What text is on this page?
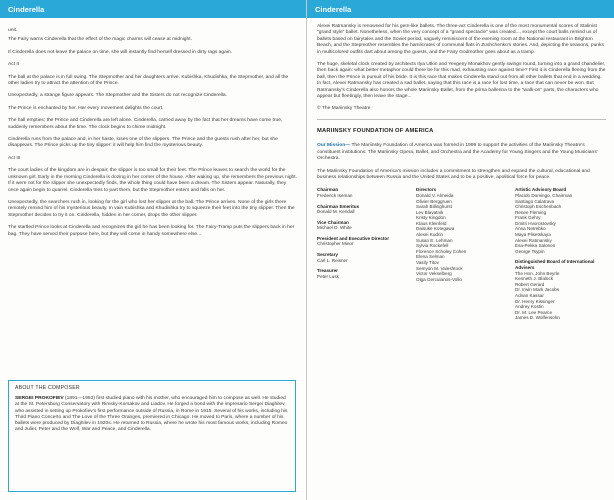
Cinderella

unit.

The Fairy warns Cinderella that the effect of the magic charms will cease at midnight.

If Cinderella does not leave the palace on time, she will instantly find herself dressed in dirty rags again.

Act II

The ball at the palace is in full swing. The Stepmother and her daughters arrive. Kubishka, Khudishka, the Stepmother, and all the other ladies try to attract the attention of the Prince.

Unexpectedly, a strange figure appears. The Stepmother and the Sisters do not recognize Cinderella.

The Prince is enchanted by her. Her every movement delights the court.

The hall empties; the Prince and Cinderella are left alone. Cinderella, carried away by the fact that her dreams have come true, suddenly remembers about the time. The clock begins to chime midnight.

Cinderella runs from the palace and, in her haste, loses one of the slippers. The Prince and the guests rush after her, but she disappears. The Prince picks up the tiny slipper: it will help him find the mysterious beauty.

Act III

The court ladies of the kingdom are in despair; the slipper is too small for their feet. The Prince leaves to search the world for the unknown girl. Early in the morning Cinderella is dozing in her corner of the house. After waking up, she remembers the previous night. If it were not for the slipper she unexpectedly finds, the whole thing could have been a dream. The Sisters appear. Naturally, they once again begin to quarrel. Cinderella tries to part them, but the Stepmother enters and falls on her.

Unexpectedly, the searchers rush in, looking for the girl who lost her slipper at the ball. The Prince arrives. None of the girls there remotely remind him of his mysterious beauty. In vain Kubishka and Khudishka try to squeeze their feet into the tiny slipper. Then the Stepmother decides to try it on. Cinderella, hidden in her corner, drops the other slipper.

The startled Prince looks at Cinderella and recognizes the girl he has been looking for. The Fairy-Tramp puts the slippers back in her bag. They have served their purpose here, but they will come in handy somewhere else...

ABOUT THE COMPOSER

SERGEI PROKOFIEV (1891—1953) first studied piano with his mother, who encouraged him to compose as well. He studied at the St. Petersburg Conservatory with Rimsky-Korsakov and Liadov. He forged a bond with the impresario Sergei Diaghilev, who assisted in setting up Prokofiev's first performance outside of Russia, in Rome in 1915. Several of his works, including his Third Piano Concerto and The Love of the Three Oranges, premiered in Chicago. He moved to Paris, where a number of his ballets were produced by Diaghilev in 1920s. He returned to Russia, where he wrote his most famous works, including Romeo and Juliet, Peter and the Wolf, War and Peace, and Cinderella.

Cinderella

Alexei Ratmansky is renowned for his gem-like ballets. The three-act Cinderella is one of the most monumental scores of Stalinist "grand style" ballet. Nonetheless, when the very concept of a "grand spectacle" was created..., except the court balls remind us of ballets based on fairytales and the Soviet period, vaguely reminiscent of the evening room at the National restaurant in Brighton Beach, and the Stepmother resembles the hamlicrates of communal flats in Zoshchenko's stories. And, depicting the seasons, punks in multicolored outfits dart about among the guests, and the Fairy Godmother goes about as a tramp.

The huge, skeletal clock created by architects Ilya Utkin and Yevgeny Monakhov gently swings round, turning into a grand chandelier, then back again: what better metaphor could there be for this mad, exhausting race against time? First it is Cinderella fleeing from the ball, then the Prince in pursuit of his bride. It is this race that makes Cinderella stand out from all other ballets that end in a wedding. In fact, Alexei Ratmansky has created a sad ballet, saying that this race is a race for lost time, a race that can never be won. But Ratmansky's Cinderella also honors the whole Mariinsky Ballet, from the prima ballerina to the "walk-on" parts, the characters who appear but fleetingly, then leave the stage...

© The Mariinsky Theatre

MARIINSKY FOUNDATION OF AMERICA

Our Mission— The Mariinsky Foundation of America was formed in 1999 to support the activities of the Mariinsky Theatre's constituent institutions: The Mariinsky Opera, Ballet, and Orchestra and the Academy for Young Singers and the Young Musicians' Orchestra.

The Mariinsky Foundation of America's mission includes a commitment to strengthen and expand the cultural, educational and business relationships between Russia and the United States and to be a positive, apolitical force for peace.

Chairman
Frederick Iseman
Chairman Emeritus
Donald M. Kendall
Vice Chairman
Michael D. White
President and Executive Director
Christopher Minor
Secretary
Carl L. Reisner
Treasurer
Peter Lusk
Directors
Donald V. Almeida
Olivier Berggruen
Sarah Billinghurst
Lev Blavatnik
Kristy Kingdon
Klaus Kleinfeld
Daisuke Kotegawa
Alexei Kudrin
Susan E. Lehman
Sylvia Rockefell
Florence Scholey Cohen
Elena Selman
Vasily Titov
Semyon M. Vainshtock
Victor Vekselberg
Olga Gerculanos-Vollo
Artistic Advisory Board
Placido Domingo, Chairman
Santiago Calatrava
Christoph Eschenbach
Renee Fleming
Frank Gehry
Dmitri Hvorostovsky
Anna Netrebko
Maya Plisetskaya
Alexei Ratmansky
Esa-Pekka Salonen
George Tsypin
Distinguished Board of International Advisers
The Hon. John Beyrle
Kenneth J. Blalock
Robert Gerard
Dr. Irwin Mark Jacobs
Adnan Kassar
Dr. Henry Kissinger
Andrey Kostin
Dr. M. Lee Pearce
James D. Wolfensohn
